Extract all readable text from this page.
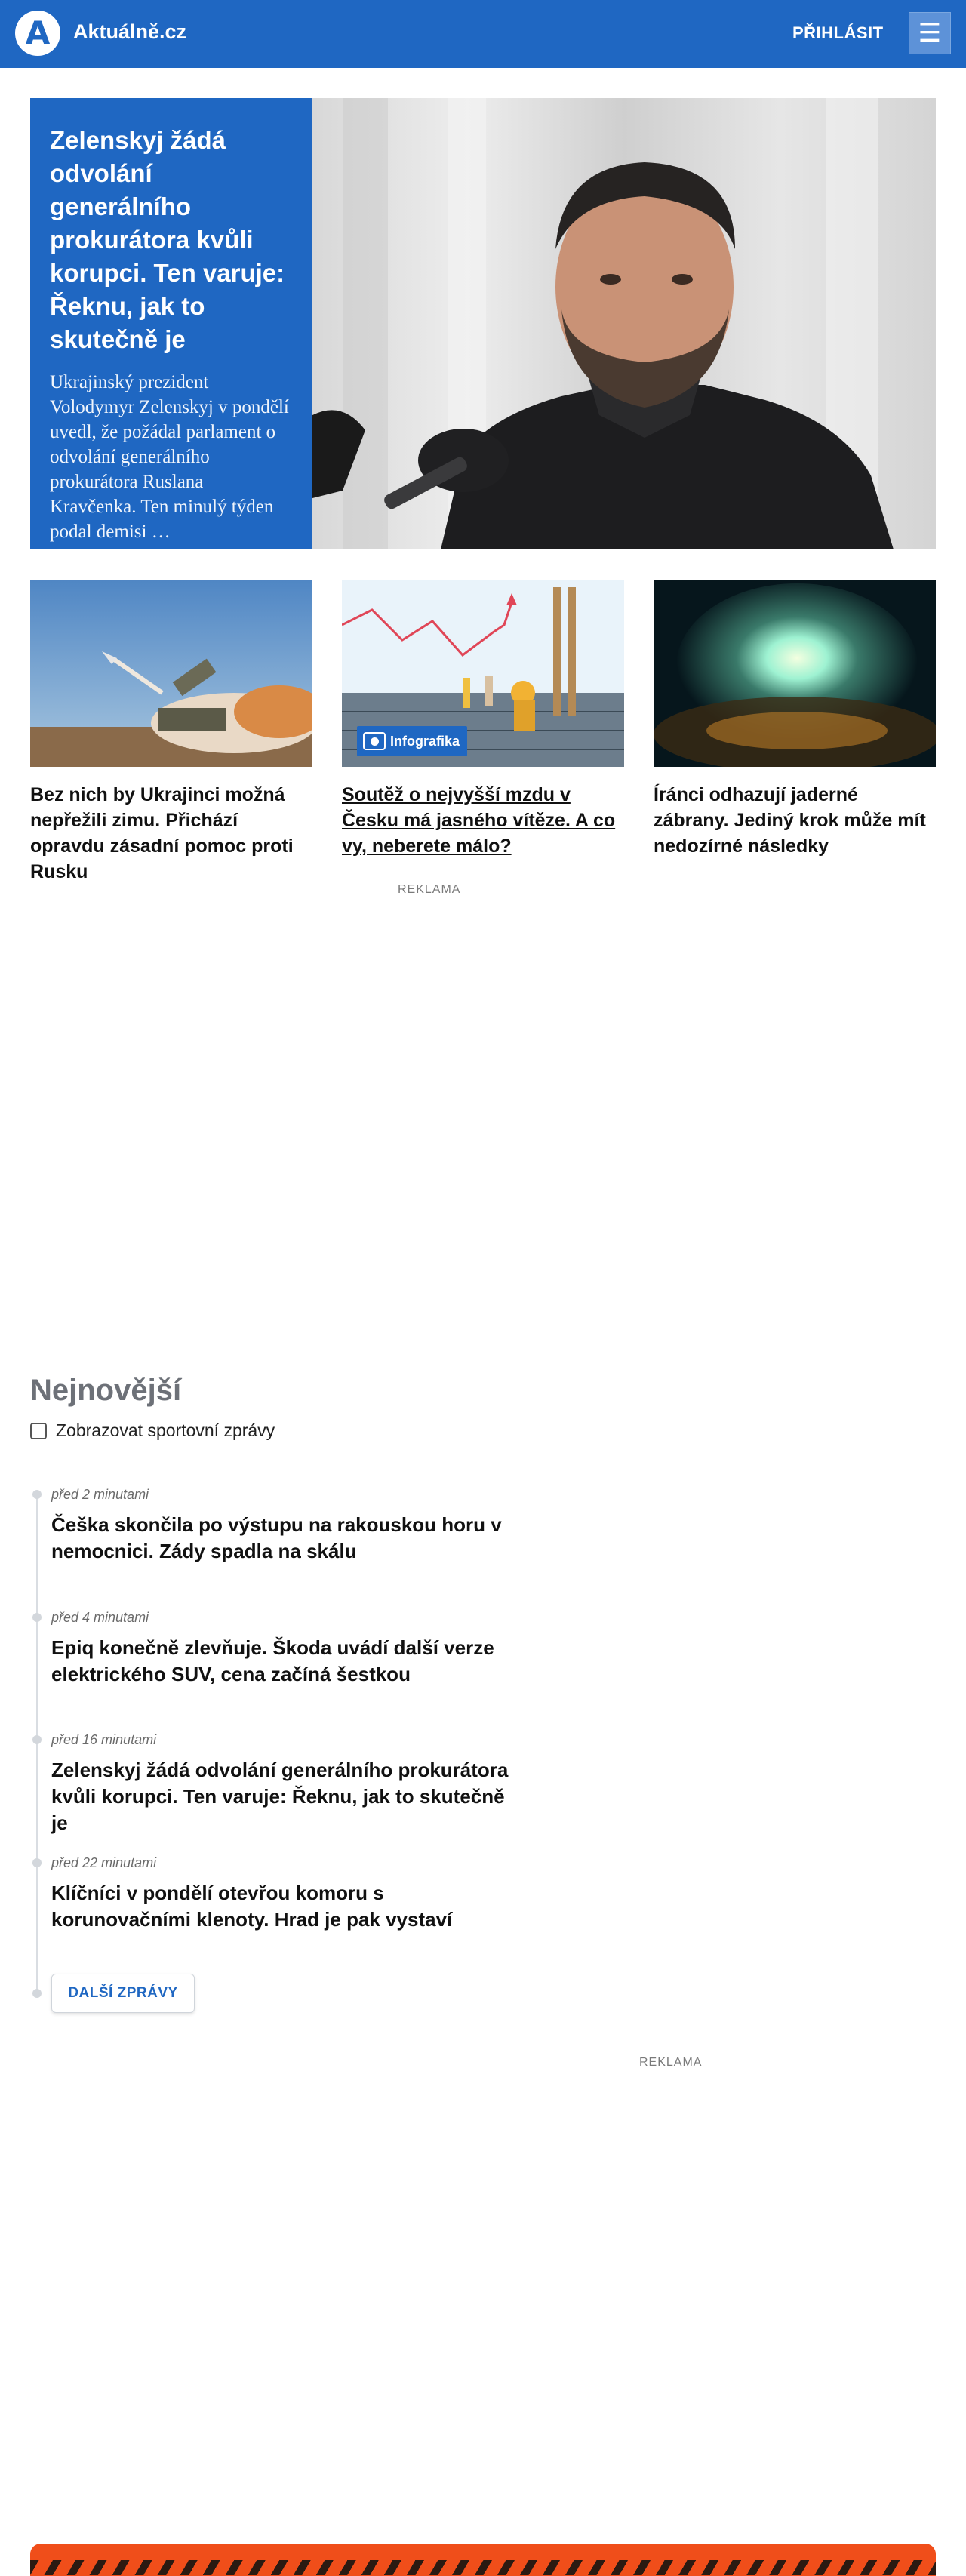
A Aktuálně.cz	PŘIHLÁSIT ☰
Zelenskyj žádá odvolání generálního prokurátora kvůli korupci. Ten varuje: Řeknu, jak to skutečně je
Ukrajinský prezident Volodymyr Zelenskyj v pondělí uvedl, že požádal parlament o odvolání generálního prokurátora Ruslana Kravčenka. Ten minulý týden podal demisi …
Bez nich by Ukrajinci možná nepřežili zimu. Přichází opravdu zásadní pomoc proti Rusku
Infografika
Soutěž o nejvyšší mzdu v Česku má jasného vítěze. A co vy, neberete málo?
Íránci odhazují jaderné zábrany. Jediný krok může mít nedozírné následky
REKLAMA
Nejnovější
Zobrazovat sportovní zprávy
před 2 minutami
Češka skončila po výstupu na rakouskou horu v nemocnici. Zády spadla na skálu
před 4 minutami
Epiq konečně zlevňuje. Škoda uvádí další verze elektrického SUV, cena začíná šestkou
před 16 minutami
Zelenskyj žádá odvolání generálního prokurátora kvůli korupci. Ten varuje: Řeknu, jak to skutečně je
před 22 minutami
Klíčníci v pondělí otevřou komoru s korunovačními klenoty. Hrad je pak vystaví
DALŠÍ ZPRÁVY
REKLAMA
